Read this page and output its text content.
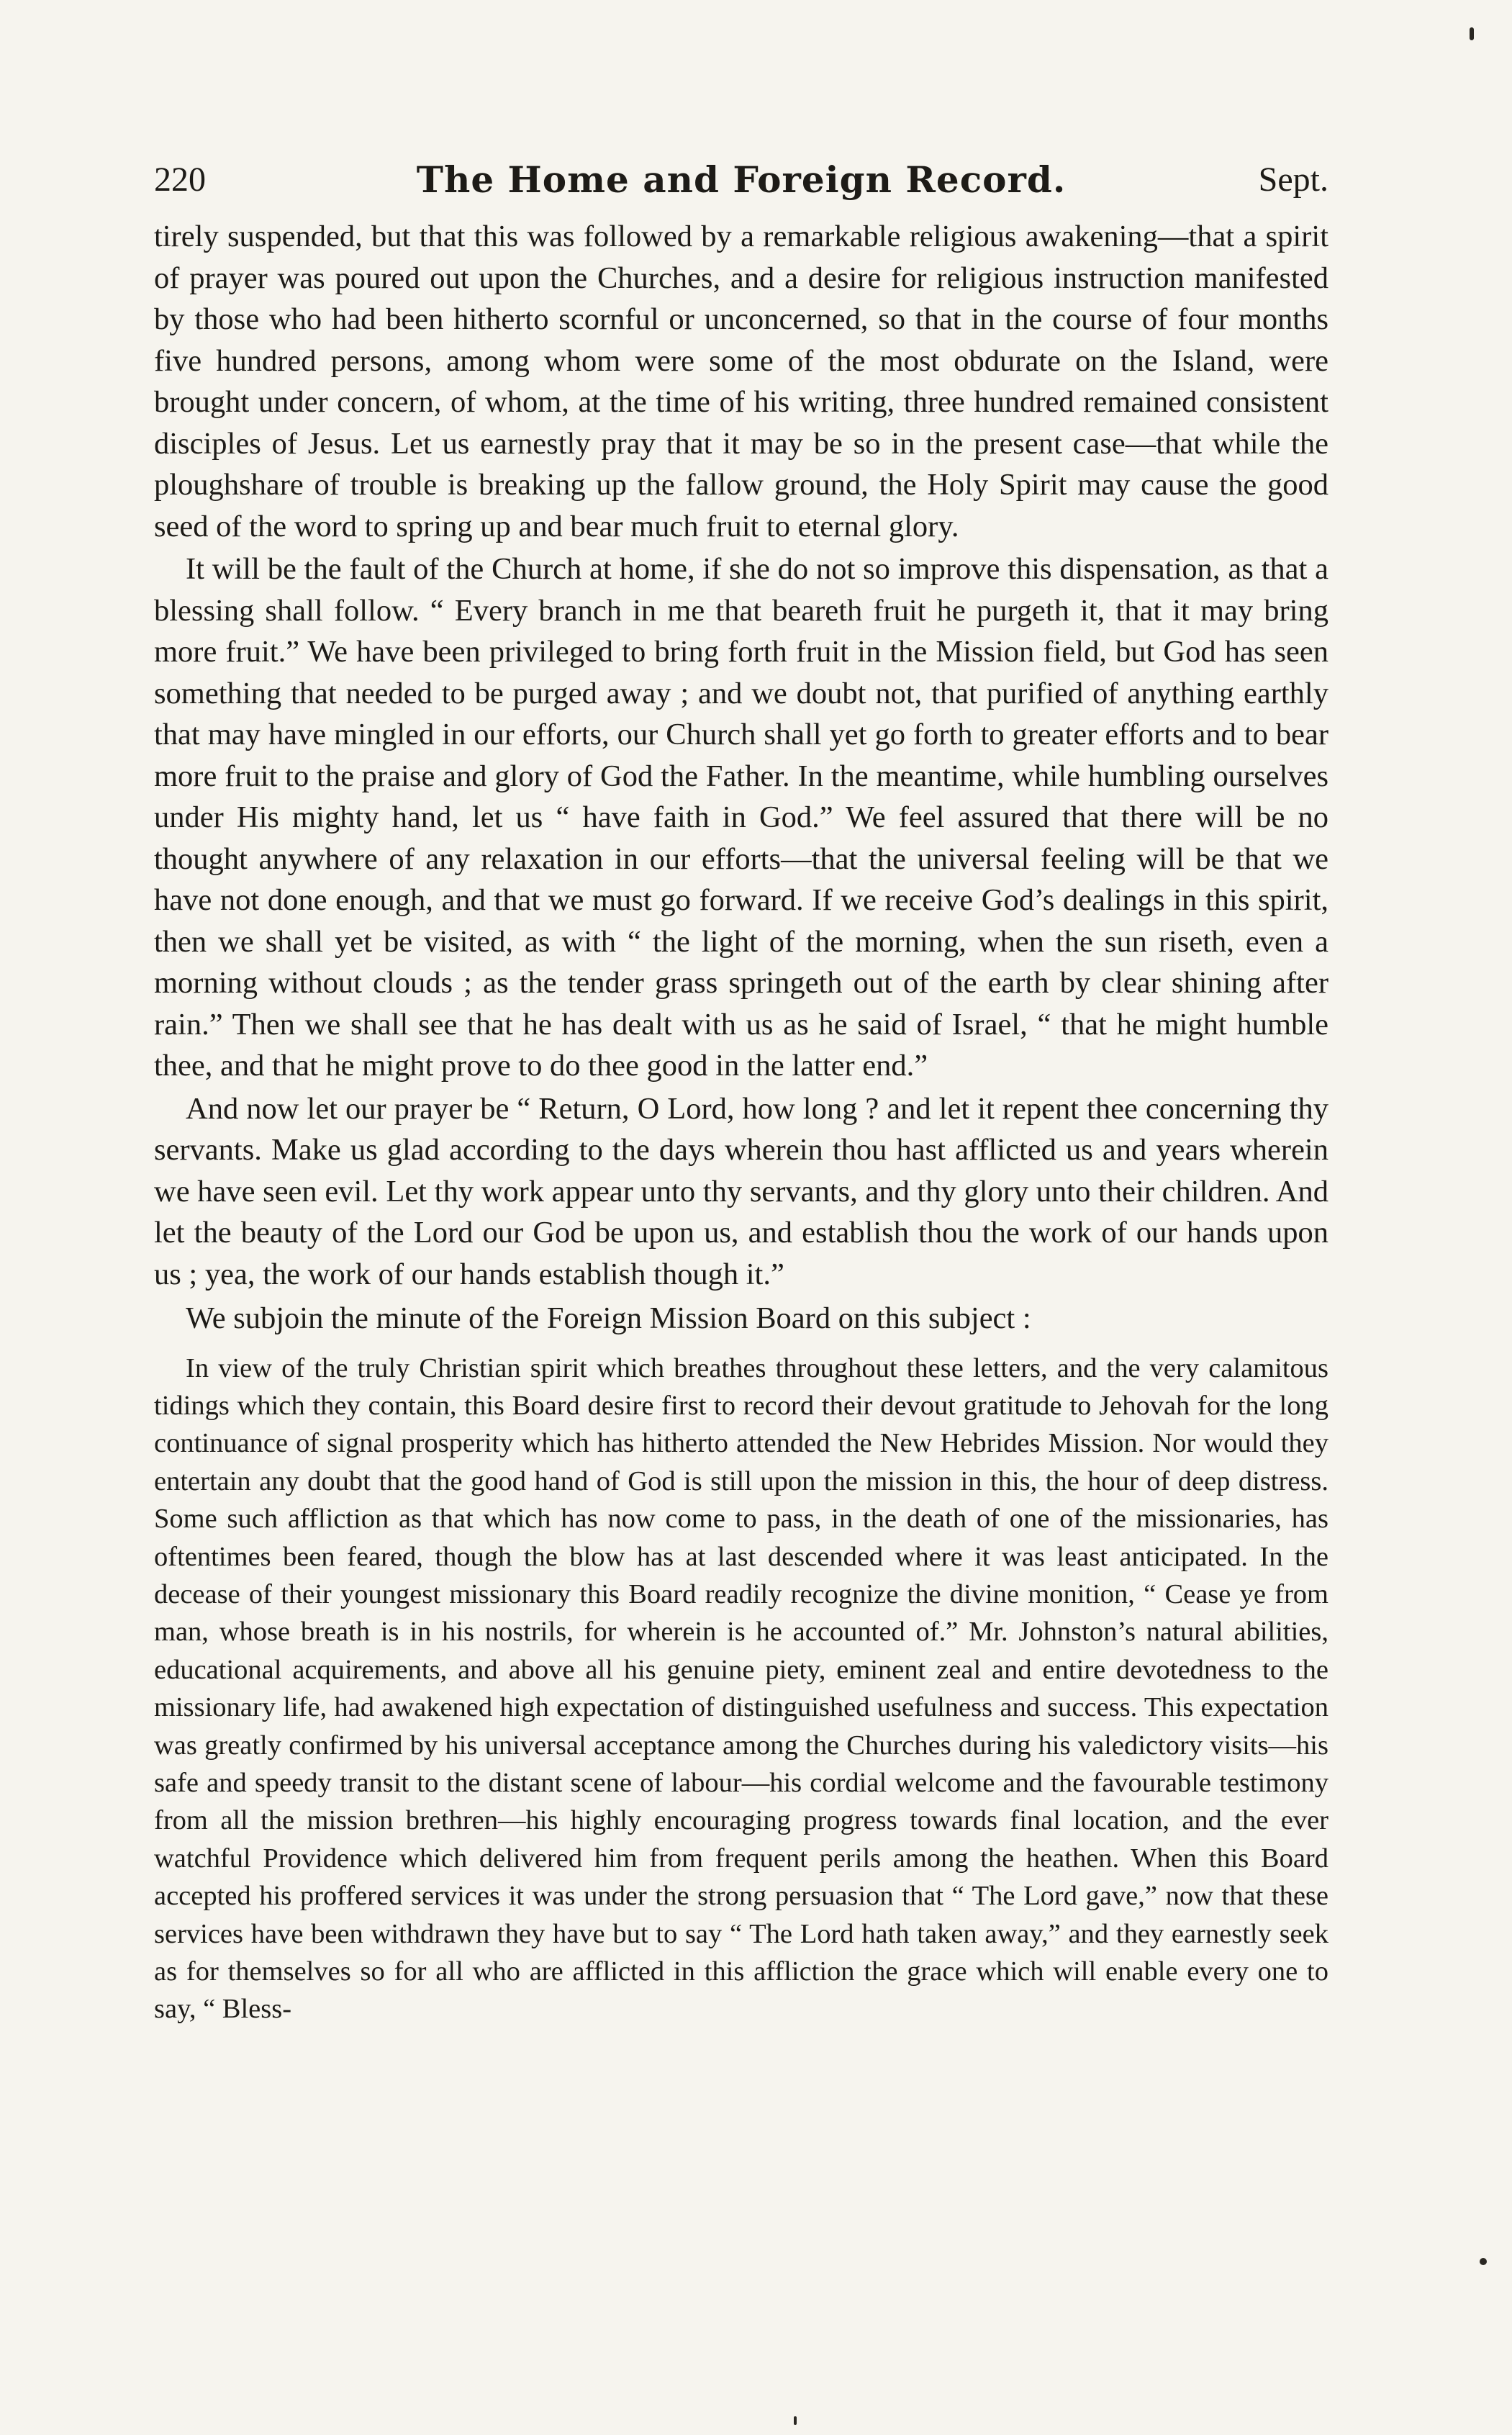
220	The Home and Foreign Record.	Sept.

tirely suspended, but that this was followed by a remarkable religious awakening—that a spirit of prayer was poured out upon the Churches, and a desire for religious instruction manifested by those who had been hitherto scornful or unconcerned, so that in the course of four months five hundred persons, among whom were some of the most obdurate on the Island, were brought under concern, of whom, at the time of his writing, three hundred remained consistent disciples of Jesus. Let us earnestly pray that it may be so in the present case—that while the ploughshare of trouble is breaking up the fallow ground, the Holy Spirit may cause the good seed of the word to spring up and bear much fruit to eternal glory.

It will be the fault of the Church at home, if she do not so improve this dispensation, as that a blessing shall follow. “ Every branch in me that beareth fruit he purgeth it, that it may bring more fruit.” We have been privileged to bring forth fruit in the Mission field, but God has seen something that needed to be purged away ; and we doubt not, that purified of anything earthly that may have mingled in our efforts, our Church shall yet go forth to greater efforts and to bear more fruit to the praise and glory of God the Father. In the meantime, while humbling ourselves under His mighty hand, let us “ have faith in God.” We feel assured that there will be no thought anywhere of any relaxation in our efforts—that the universal feeling will be that we have not done enough, and that we must go forward. If we receive God’s dealings in this spirit, then we shall yet be visited, as with “ the light of the morning, when the sun riseth, even a morning without clouds ; as the tender grass springeth out of the earth by clear shining after rain.” Then we shall see that he has dealt with us as he said of Israel, “ that he might humble thee, and that he might prove to do thee good in the latter end.”

And now let our prayer be “ Return, O Lord, how long ? and let it repent thee concerning thy servants. Make us glad according to the days wherein thou hast afflicted us and years wherein we have seen evil. Let thy work appear unto thy servants, and thy glory unto their children. And let the beauty of the Lord our God be upon us, and establish thou the work of our hands upon us ; yea, the work of our hands establish though it.”

We subjoin the minute of the Foreign Mission Board on this subject :

In view of the truly Christian spirit which breathes throughout these letters, and the very calamitous tidings which they contain, this Board desire first to record their devout gratitude to Jehovah for the long continuance of signal prosperity which has hitherto attended the New Hebrides Mission. Nor would they entertain any doubt that the good hand of God is still upon the mission in this, the hour of deep distress. Some such affliction as that which has now come to pass, in the death of one of the missionaries, has oftentimes been feared, though the blow has at last descended where it was least anticipated. In the decease of their youngest missionary this Board readily recognize the divine monition, “ Cease ye from man, whose breath is in his nostrils, for wherein is he accounted of.” Mr. Johnston’s natural abilities, educational acquirements, and above all his genuine piety, eminent zeal and entire devotedness to the missionary life, had awakened high expectation of distinguished usefulness and success. This expectation was greatly confirmed by his universal acceptance among the Churches during his valedictory visits—his safe and speedy transit to the distant scene of labour—his cordial welcome and the favourable testimony from all the mission brethren—his highly encouraging progress towards final location, and the ever watchful Providence which delivered him from frequent perils among the heathen. When this Board accepted his proffered services it was under the strong persuasion that “ The Lord gave,” now that these services have been withdrawn they have but to say “ The Lord hath taken away,” and they earnestly seek as for themselves so for all who are afflicted in this affliction the grace which will enable every one to say, “ Bless-
